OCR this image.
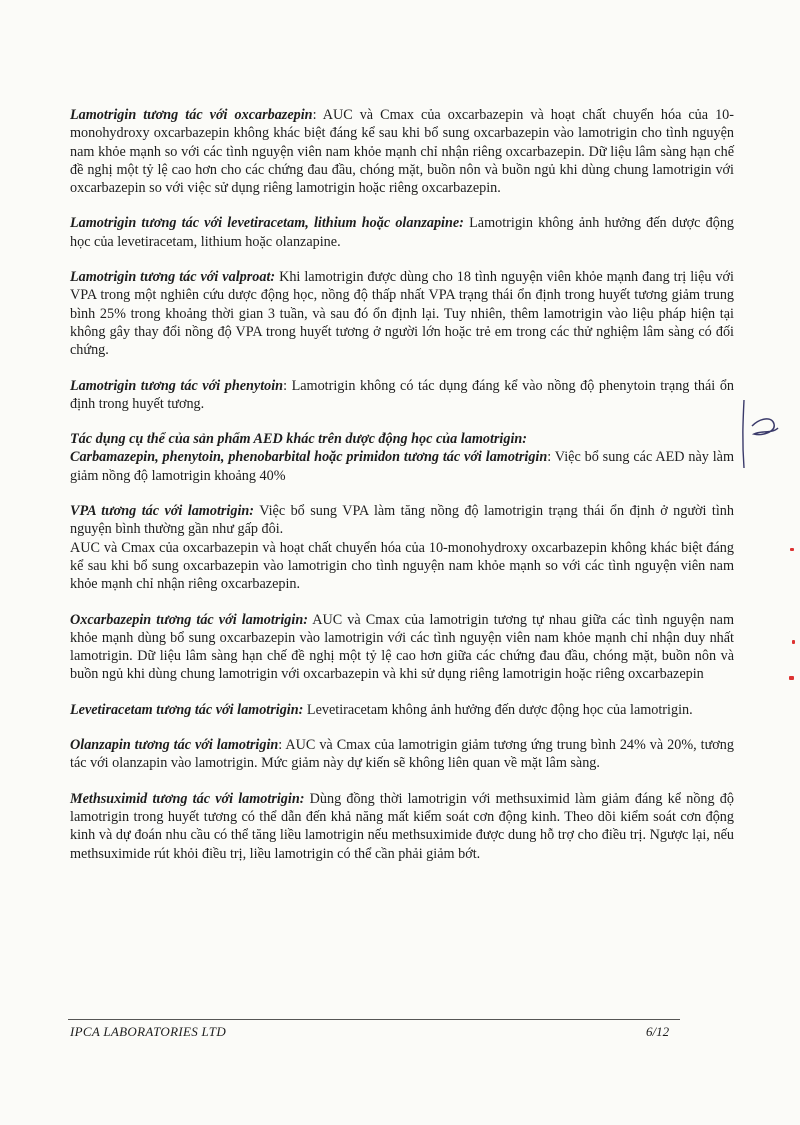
Lamotrigin tương tác với oxcarbazepin: AUC và Cmax của oxcarbazepin và hoạt chất chuyển hóa của 10-monohydroxy oxcarbazepin không khác biệt đáng kể sau khi bổ sung oxcarbazepin vào lamotrigin cho tình nguyện nam khỏe mạnh so với các tình nguyện viên nam khỏe mạnh chỉ nhận riêng oxcarbazepin. Dữ liệu lâm sàng hạn chế đề nghị một tỷ lệ cao hơn cho các chứng đau đầu, chóng mặt, buồn nôn và buồn ngủ khi dùng chung lamotrigin với oxcarbazepin so với việc sử dụng riêng lamotrigin hoặc riêng oxcarbazepin.

Lamotrigin tương tác với levetiracetam, lithium hoặc olanzapine: Lamotrigin không ảnh hưởng đến dược động học của levetiracetam, lithium hoặc olanzapine.

Lamotrigin tương tác với valproat: Khi lamotrigin được dùng cho 18 tình nguyện viên khỏe mạnh đang trị liệu với VPA trong một nghiên cứu dược động học, nồng độ thấp nhất VPA trạng thái ổn định trong huyết tương giảm trung bình 25% trong khoảng thời gian 3 tuần, và sau đó ổn định lại. Tuy nhiên, thêm lamotrigin vào liệu pháp hiện tại không gây thay đổi nồng độ VPA trong huyết tương ở người lớn hoặc trẻ em trong các thử nghiệm lâm sàng có đối chứng.

Lamotrigin tương tác với phenytoin: Lamotrigin không có tác dụng đáng kể vào nồng độ phenytoin trạng thái ổn định trong huyết tương.

Tác dụng cụ thể của sản phẩm AED khác trên dược động học của lamotrigin:

Carbamazepin, phenytoin, phenobarbital hoặc primidon tương tác với lamotrigin: Việc bổ sung các AED này làm giảm nồng độ lamotrigin khoảng 40%

VPA tương tác với lamotrigin: Việc bổ sung VPA làm tăng nồng độ lamotrigin trạng thái ổn định ở người tình nguyện bình thường gần như gấp đôi.

AUC và Cmax của oxcarbazepin và hoạt chất chuyển hóa của 10-monohydroxy oxcarbazepin không khác biệt đáng kể sau khi bổ sung oxcarbazepin vào lamotrigin cho tình nguyện nam khỏe mạnh so với các tình nguyện viên nam khỏe mạnh chỉ nhận riêng oxcarbazepin.

Oxcarbazepin tương tác với lamotrigin: AUC và Cmax của lamotrigin tương tự nhau giữa các tình nguyện nam khỏe mạnh dùng bổ sung oxcarbazepin vào lamotrigin với các tình nguyện viên nam khỏe mạnh chỉ nhận duy nhất lamotrigin. Dữ liệu lâm sàng hạn chế đề nghị một tỷ lệ cao hơn giữa các chứng đau đầu, chóng mặt, buồn nôn và buồn ngủ khi dùng chung lamotrigin với oxcarbazepin và khi sử dụng riêng lamotrigin hoặc riêng oxcarbazepin

Levetiracetam tương tác với lamotrigin: Levetiracetam không ảnh hưởng đến dược động học của lamotrigin.

Olanzapin tương tác với lamotrigin: AUC và Cmax của lamotrigin giảm tương ứng trung bình 24% và 20%, tương tác với olanzapin vào lamotrigin. Mức giảm này dự kiến sẽ không liên quan về mặt lâm sàng.

Methsuximid tương tác với lamotrigin: Dùng đồng thời lamotrigin với methsuximid làm giảm đáng kể nồng độ lamotrigin trong huyết tương có thể dẫn đến khả năng mất kiểm soát cơn động kinh. Theo dõi kiểm soát cơn động kinh và dự đoán nhu cầu có thể tăng liều lamotrigin nếu methsuximide được dung hỗ trợ cho điều trị. Ngược lại, nếu methsuximide rút khỏi điều trị, liều lamotrigin có thể cần phải giảm bớt.

IPCA LABORATORIES LTD	6/12
